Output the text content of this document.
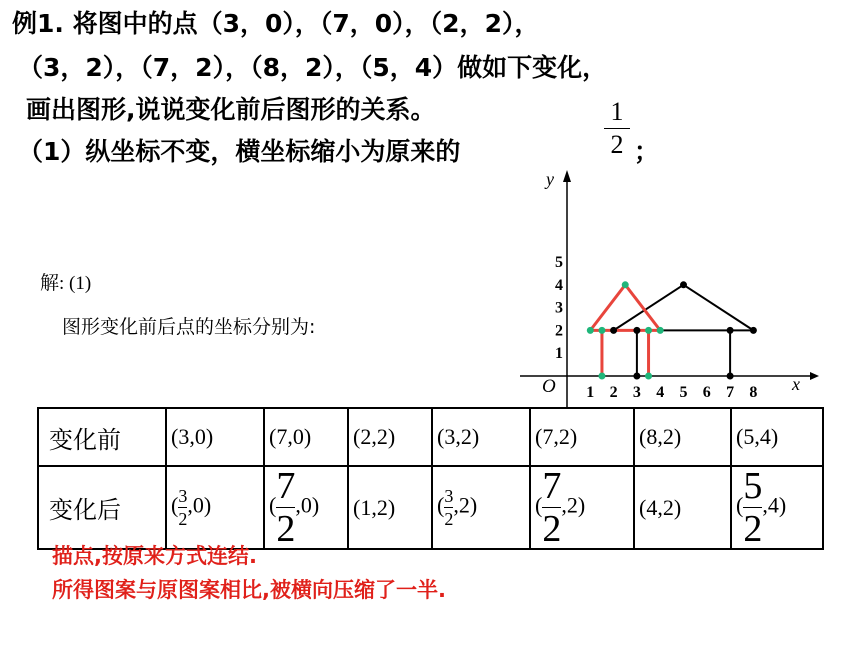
例1. 将图中的点（3，0），（7，0），（2，2），
（3，2），（7，2），（8，2），（5，4）做如下变化，
画出图形,说说变化前后图形的关系。
（1）纵坐标不变，横坐标缩小为原来的
1
2 ；
解: (1)
图形变化前后点的坐标分别为:
y
x
O 1 2 3 4 5 6 7 8
1
2
3
4
5
变化前	(3,0)	(7,0)	(2,2)	(3,2)	(7,2)	(8,2)	(5,4)
变化后	$(\frac{3}{2},0)$	$(\frac{7}{2},0)$	(1,2)	$(\frac{3}{2},2)$	$(\frac{7}{2},2)$	(4,2)	$(\frac{5}{2},4)$
描点,按原来方式连结.
所得图案与原图案相比,被横向压缩了一半.
